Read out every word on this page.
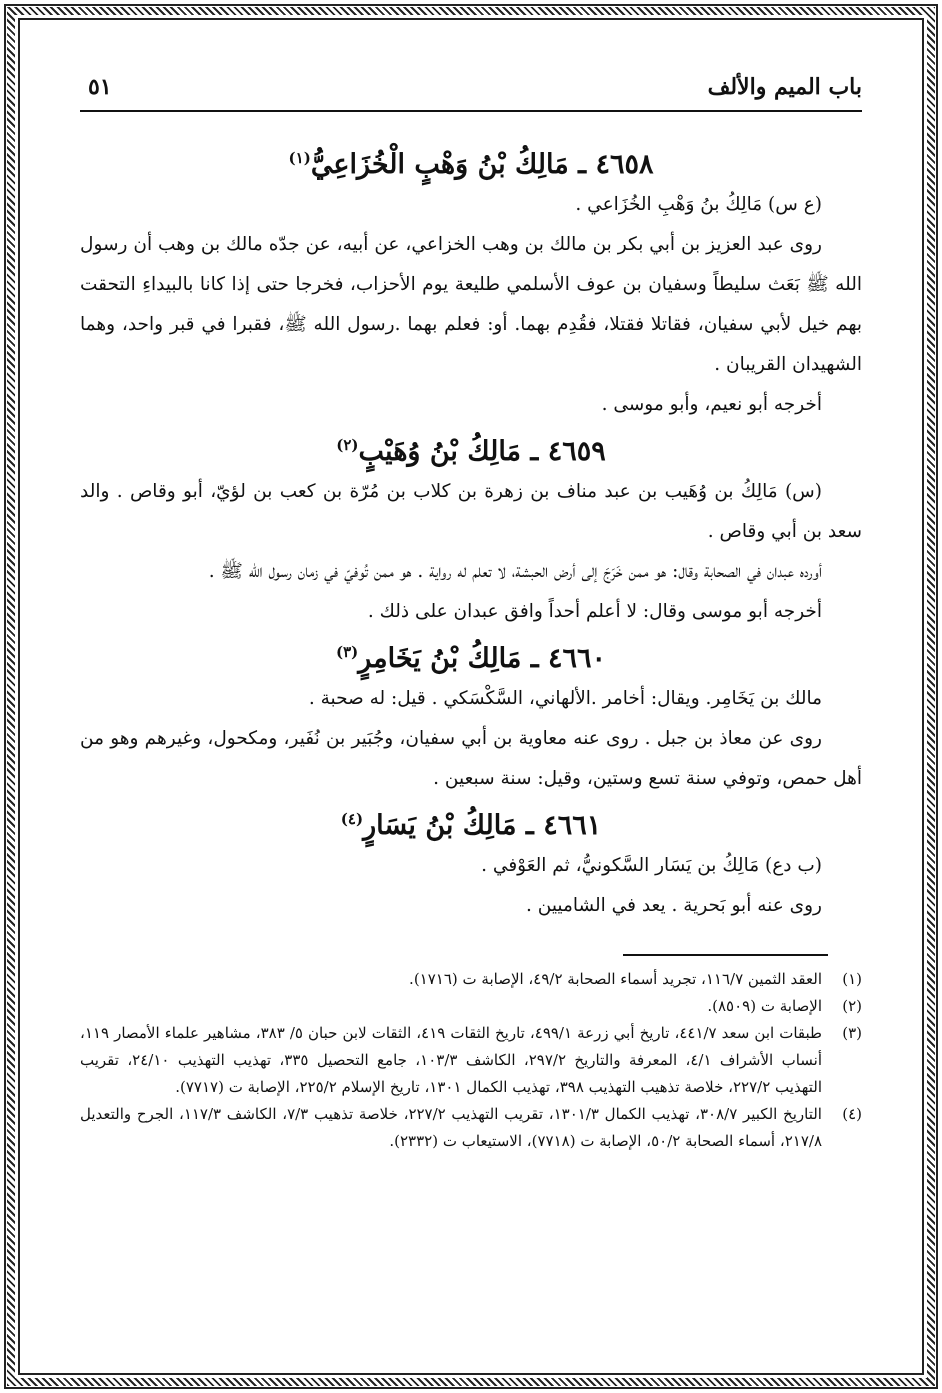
باب الميم والألف
٥١
٤٦٥٨ ـ مَالِكُ بْنُ وَهْبٍ الْخُزَاعِيُّ$^{(١)}$

(ع س) مَالِكُ بنُ وَهْبِ الخُزَاعي .

روى عبد العزيز بن أبي بكر بن مالك بن وهب الخزاعي، عن أبيه، عن جدّه مالك بن وهب أن رسول الله ﷺ بَعَث سليطاً وسفيان بن عوف الأسلمي طليعة يوم الأحزاب، فخرجا حتى إذا كانا بالبيداءِ التحقت بهم خيل لأبي سفيان، فقاتلا فقتلا، فقُدِم بهما. أو: فعلم بهما .رسول الله ﷺ، فقبرا في قبر واحد، وهما الشهيدان القريبان .

أخرجه أبو نعيم، وأبو موسى .

٤٦٥٩ ـ مَالِكُ بْنُ وُهَيْبٍ$^{(٢)}$

(س) مَالِكُ بن وُهَيب بن عبد مناف بن زهرة بن كلاب بن مُرّة بن كعب بن لؤيّ، أبو وقاص . والد سعد بن أبي وقاص .

أورده عبدان في الصحابة وقال: هو ممن خَرَجَ إلى أرض الحبشة، لا تعلم له رواية . هو ممن تُوفيّ في زمان رسول الله ﷺ .

أخرجه أبو موسى وقال: لا أعلم أحداً وافق عبدان على ذلك .

٤٦٦٠ ـ مَالِكُ بْنُ يَخَامِرٍ$^{(٣)}$

مالك بن يَخَامِر. ويقال: أخامر .الألهاني، السَّكْسَكي . قيل: له صحبة .

روى عن معاذ بن جبل . روى عنه معاوية بن أبي سفيان، وجُبَير بن نُفَير، ومكحول، وغيرهم وهو من أهل حمص، وتوفي سنة تسع وستين، وقيل: سنة سبعين .

٤٦٦١ ـ مَالِكُ بْنُ يَسَارٍ$^{(٤)}$

(ب دع) مَالِكُ بن يَسَار السَّكونيُّ، ثم العَوْفي .

روى عنه أبو بَحرية . يعد في الشاميين .

(١)
العقد الثمين ١١٦/٧، تجريد أسماء الصحابة ٤٩/٢، الإصابة ت (١٧١٦).
(٢)
الإصابة ت (٨٥٠٩).
(٣)
طبقات ابن سعد ٤٤١/٧، تاريخ أبي زرعة ٤٩٩/١، تاريخ الثقات ٤١٩، الثقات لابن حبان ٥/ ٣٨٣، مشاهير علماء الأمصار ١١٩، أنساب الأشراف ٤/١، المعرفة والتاريخ ٢٩٧/٢، الكاشف ١٠٣/٣، جامع التحصيل ٣٣٥، تهذيب التهذيب ٢٤/١٠، تقريب التهذيب ٢٢٧/٢، خلاصة تذهيب التهذيب ٣٩٨، تهذيب الكمال ١٣٠١، تاريخ الإسلام ٢٢٥/٢، الإصابة ت (٧٧١٧).
(٤)
التاريخ الكبير ٣٠٨/٧، تهذيب الكمال ١٣٠١/٣، تقريب التهذيب ٢٢٧/٢، خلاصة تذهيب ٧/٣، الكاشف ١١٧/٣، الجرح والتعديل ٢١٧/٨، أسماء الصحابة ٥٠/٢، الإصابة ت (٧٧١٨)، الاستيعاب ت (٢٣٣٢).
